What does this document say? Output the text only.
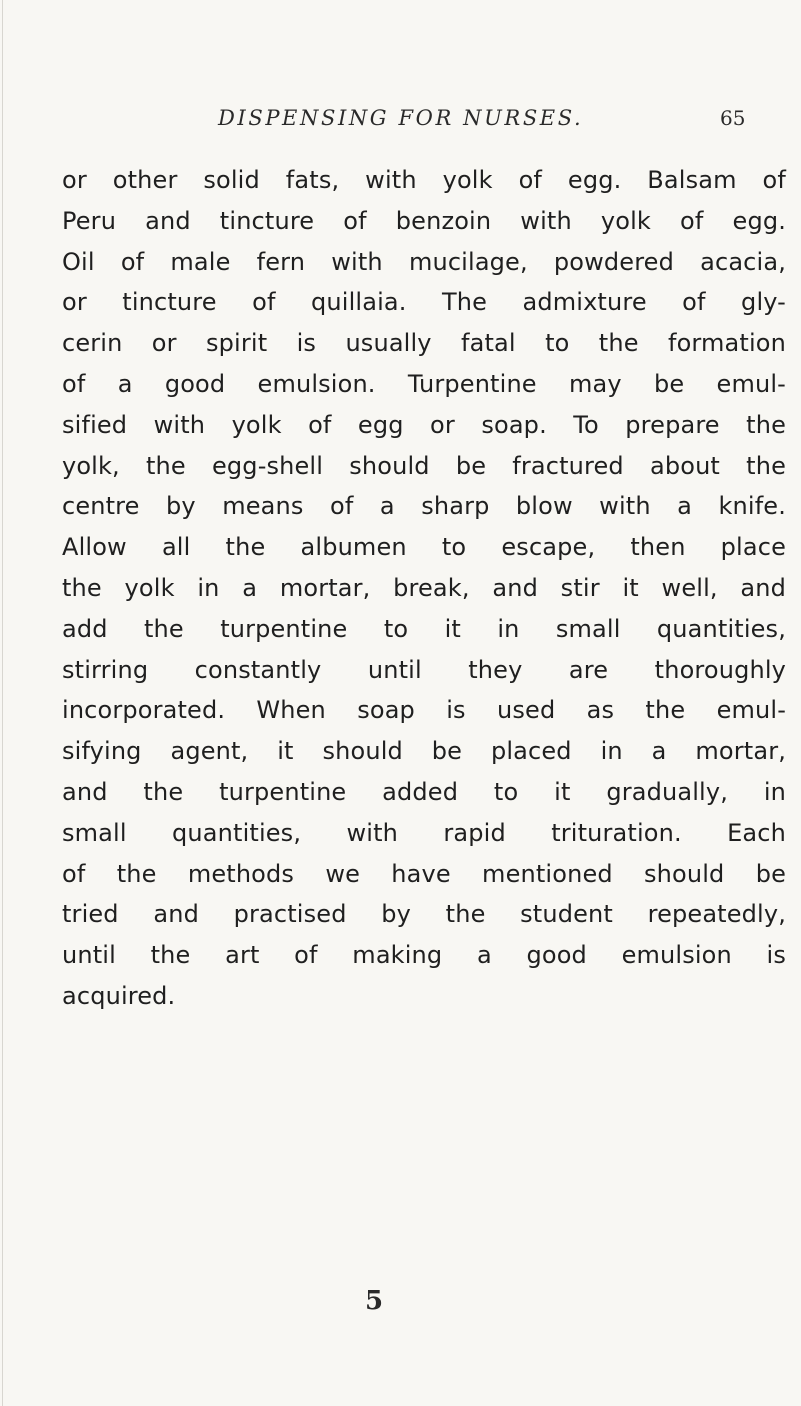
DISPENSING FOR NURSES.	65
or other solid fats, with yolk of egg. Balsam of
Peru and tincture of benzoin with yolk of egg.
Oil of male fern with mucilage, powdered acacia,
or tincture of quillaia. The admixture of gly-
cerin or spirit is usually fatal to the formation
of a good emulsion. Turpentine may be emul-
sified with yolk of egg or soap. To prepare the
yolk, the egg-shell should be fractured about the
centre by means of a sharp blow with a knife.
Allow all the albumen to escape, then place
the yolk in a mortar, break, and stir it well, and
add the turpentine to it in small quantities,
stirring constantly until they are thoroughly
incorporated. When soap is used as the emul-
sifying agent, it should be placed in a mortar,
and the turpentine added to it gradually, in
small quantities, with rapid trituration. Each
of the methods we have mentioned should be
tried and practised by the student repeatedly,
until the art of making a good emulsion is
acquired.
5
